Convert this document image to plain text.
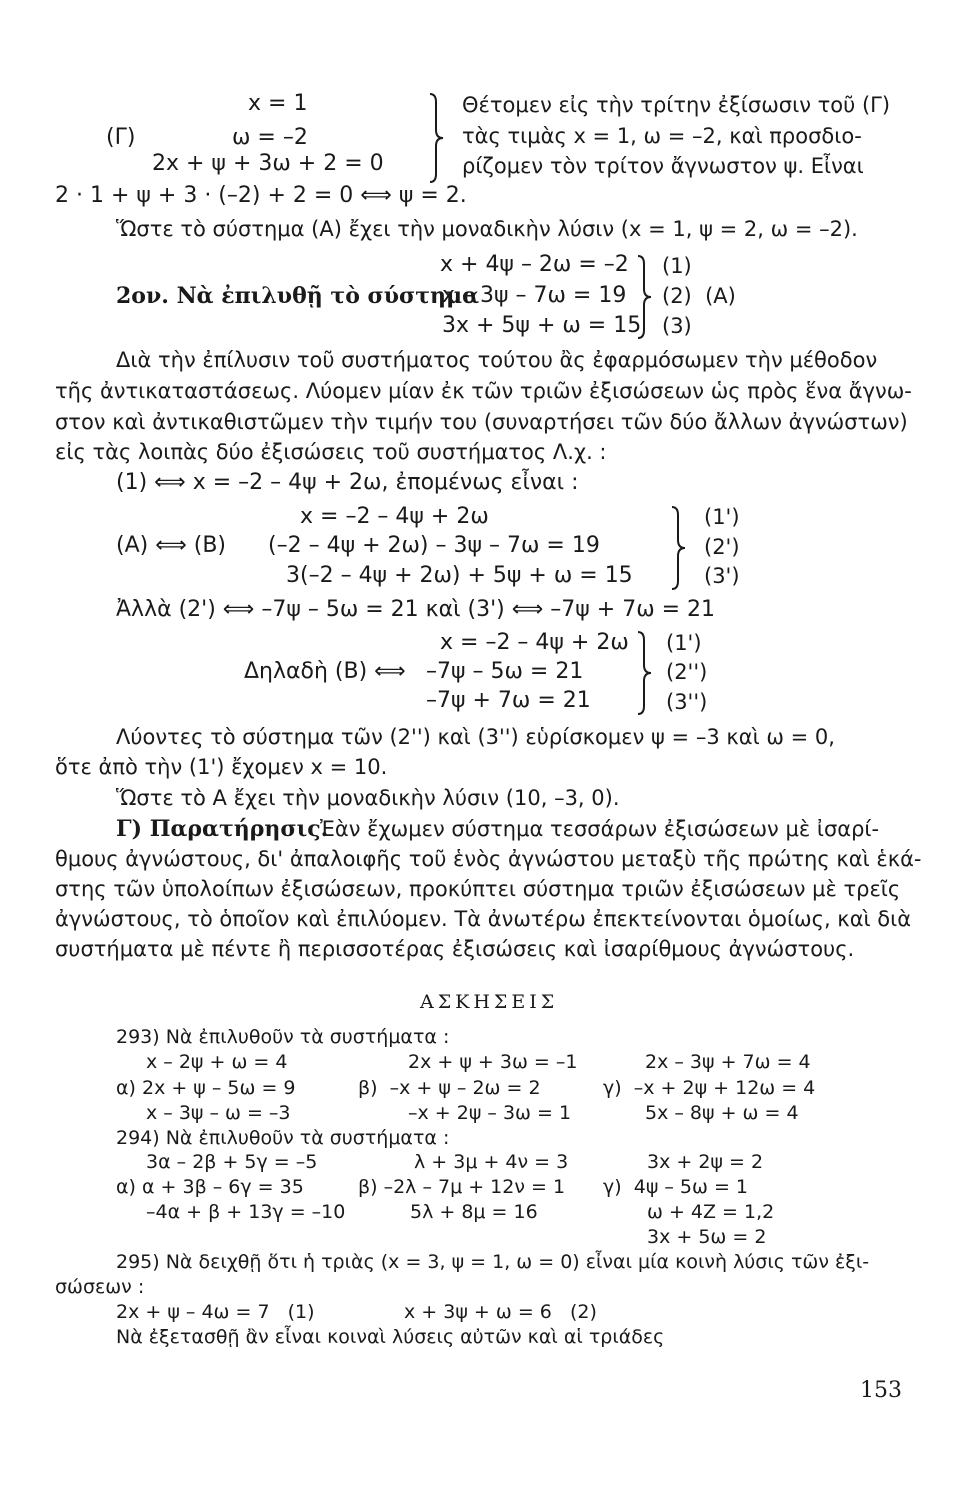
x = 1
(Γ)	ω = –2
2x + ψ + 3ω + 2 = 0
Θέτομεν εἰς τὴν τρίτην ἐξίσωσιν τοῦ (Γ)
τὰς τιμὰς x = 1, ω = –2, καὶ προσδιο-
ρίζομεν τὸν τρίτον ἄγνωστον ψ. Εἶναι
2 · 1 + ψ + 3 · (–2) + 2 = 0 ⟺ ψ = 2.
Ὥστε τὸ σύστημα (Α) ἔχει τὴν μοναδικὴν λύσιν (x = 1, ψ = 2, ω = –2).
x + 4ψ – 2ω = –2
2ον. Νὰ ἐπιλυθῇ τὸ σύστημα
x – 3ψ – 7ω = 19
3x + 5ψ + ω = 15
(1)
(2)  (Α)
(3)
Διὰ τὴν ἐπίλυσιν τοῦ συστήματος τούτου ἂς ἐφαρμόσωμεν τὴν μέθοδον
τῆς ἀντικαταστάσεως. Λύομεν μίαν ἐκ τῶν τριῶν ἐξισώσεων ὡς πρὸς ἕνα ἄγνω-
στον καὶ ἀντικαθιστῶμεν τὴν τιμήν του (συναρτήσει τῶν δύο ἄλλων ἀγνώστων)
εἰς τὰς λοιπὰς δύο ἐξισώσεις τοῦ συστήματος Λ.χ. :
(1) ⟺ x = –2 – 4ψ + 2ω, ἐπομένως εἶναι :
x = –2 – 4ψ + 2ω
(Α) ⟺ (Β) (–2 – 4ψ + 2ω) – 3ψ – 7ω = 19
3(–2 – 4ψ + 2ω) + 5ψ + ω = 15
(1')
(2')
(3')
Ἀλλὰ (2') ⟺ –7ψ – 5ω = 21 καὶ (3') ⟺ –7ψ + 7ω = 21
x = –2 – 4ψ + 2ω
Δηλαδὴ (Β) ⟺ –7ψ – 5ω = 21
–7ψ + 7ω = 21
(1')
(2'')
(3'')
Λύοντες τὸ σύστημα τῶν (2'') καὶ (3'') εὑρίσκομεν ψ = –3 καὶ ω = 0,
ὅτε ἀπὸ τὴν (1') ἔχομεν x = 10.
Ὥστε τὸ Α ἔχει τὴν μοναδικὴν λύσιν (10, –3, 0).
Γ) Παρατήρησις.
Ἐὰν ἔχωμεν σύστημα τεσσάρων ἐξισώσεων μὲ ἰσαρί-
θμους ἀγνώστους, δι' ἀπαλοιφῆς τοῦ ἑνὸς ἀγνώστου μεταξὺ τῆς πρώτης καὶ ἑκά-
στης τῶν ὑπολοίπων ἐξισώσεων, προκύπτει σύστημα τριῶν ἐξισώσεων μὲ τρεῖς
ἀγνώστους, τὸ ὁποῖον καὶ ἐπιλύομεν. Τὰ ἀνωτέρω ἐπεκτείνονται ὁμοίως, καὶ διὰ
συστήματα μὲ πέντε ἢ περισσοτέρας ἐξισώσεις καὶ ἰσαρίθμους ἀγνώστους.
ΑΣΚΗΣΕΙΣ
293) Νὰ ἐπιλυθοῦν τὰ συστήματα :
x – 2ψ + ω = 4
α) 2x + ψ – 5ω = 9
x – 3ψ – ω = –3
2x + ψ + 3ω = –1
β)  –x + ψ – 2ω = 2
–x + 2ψ – 3ω = 1
2x – 3ψ + 7ω = 4
γ)  –x + 2ψ + 12ω = 4
5x – 8ψ + ω = 4
294) Νὰ ἐπιλυθοῦν τὰ συστήματα :
3α – 2β + 5γ = –5
α) α + 3β – 6γ = 35
–4α + β + 13γ = –10
λ + 3μ + 4ν = 3
β) –2λ – 7μ + 12ν = 1
5λ + 8μ = 16
3x + 2ψ = 2
γ)  4ψ – 5ω = 1
ω + 4Z = 1,2
3x + 5ω = 2
295) Νὰ δειχθῇ ὅτι ἡ τριὰς (x = 3, ψ = 1, ω = 0) εἶναι μία κοινὴ λύσις τῶν ἐξι-
σώσεων :
2x + ψ – 4ω = 7   (1)	x + 3ψ + ω = 6   (2)
Νὰ ἐξετασθῇ ἂν εἶναι κοιναὶ λύσεις αὐτῶν καὶ αἱ τριάδες
153
